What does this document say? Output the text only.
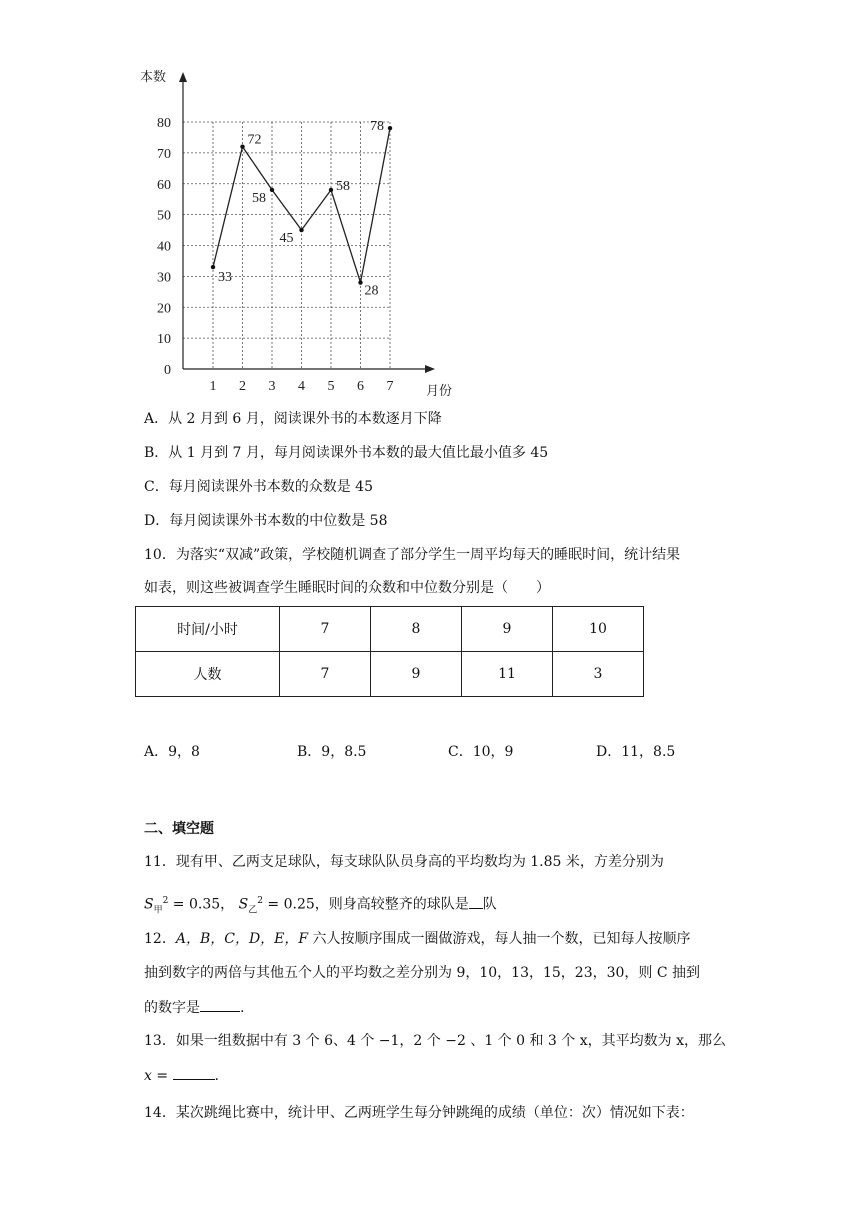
0
10
20
30
40
50
60
70
80
1 2 3 4 5 6 7
33
72
58
45
58
28
78
本数
月份
A．从 2 月到 6 月，阅读课外书的本数逐月下降
B．从 1 月到 7 月，每月阅读课外书本数的最大值比最小值多 45
C．每月阅读课外书本数的众数是 45
D．每月阅读课外书本数的中位数是 58
10．为落实“双减”政策，学校随机调查了部分学生一周平均每天的睡眠时间，统计结果
如表，则这些被调查学生睡眠时间的众数和中位数分别是（　　）
时间/小时	7	8	9	10
人数	7	9	11	3
A．9，8	B．9，8.5	C．10，9	D．11，8.5
二、填空题
11．现有甲、乙两支足球队，每支球队队员身高的平均数均为 1.85 米，方差分别为
$S_甲^2 = 0.35$， $S_乙^2 = 0.25$，则身高较整齐的球队是 队
12．A，B，C，D，E，F 六人按顺序围成一圈做游戏，每人抽一个数，已知每人按顺序
抽到数字的两倍与其他五个人的平均数之差分别为 9，10，13，15，23，30，则 C 抽到
的数字是	.
13．如果一组数据中有 3 个 6、4 个 −1，2 个 −2 、1 个 0 和 3 个 x，其平均数为 x，那么
x =	.
14．某次跳绳比赛中，统计甲、乙两班学生每分钟跳绳的成绩（单位：次）情况如下表：
